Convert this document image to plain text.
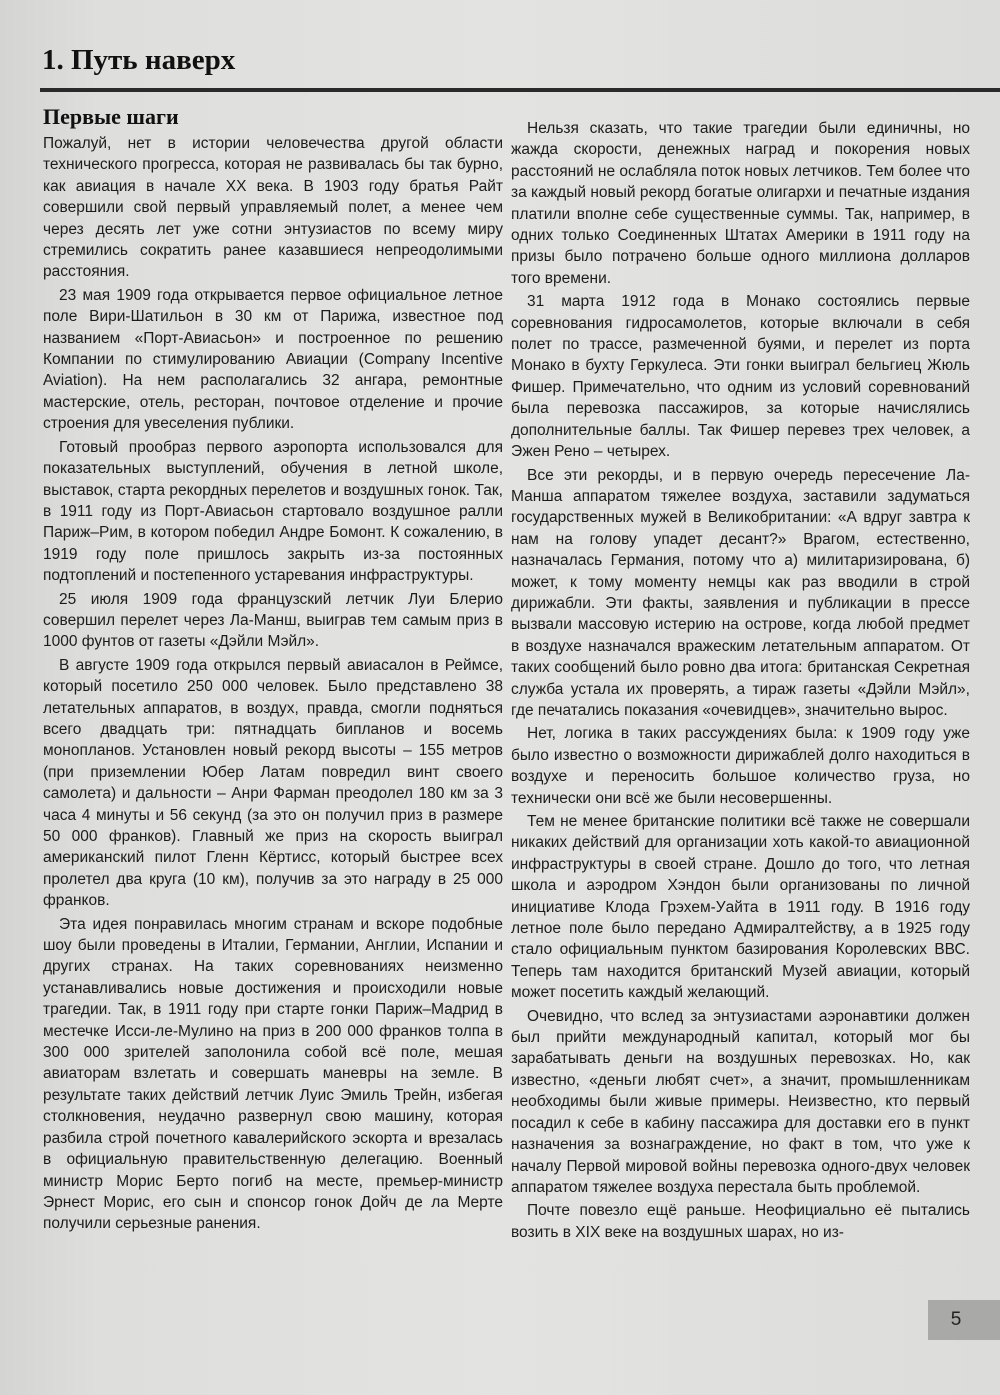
1. Путь наверх
Первые шаги

Пожалуй, нет в истории человечества другой области технического прогресса, которая не развивалась бы так бурно, как авиация в начале XX века. В 1903 году братья Райт совершили свой первый управляемый полет, а менее чем через десять лет уже сотни энтузиастов по всему миру стремились сократить ранее казавшиеся непреодолимыми расстояния.

23 мая 1909 года открывается первое официальное летное поле Вири-Шатильон в 30 км от Парижа, известное под названием «Порт-Авиасьон» и построенное по решению Компании по стимулированию Авиации (Company Incentive Aviation). На нем располагались 32 ангара, ремонтные мастерские, отель, ресторан, почтовое отделение и прочие строения для увеселения публики.

Готовый прообраз первого аэропорта использовался для показательных выступлений, обучения в летной школе, выставок, старта рекордных перелетов и воздушных гонок. Так, в 1911 году из Порт-Авиасьон стартовало воздушное ралли Париж–Рим, в котором победил Андре Бомонт. К сожалению, в 1919 году поле пришлось закрыть из-за постоянных подтоплений и постепенного устаревания инфраструктуры.

25 июля 1909 года французский летчик Луи Блерио совершил перелет через Ла-Манш, выиграв тем самым приз в 1000 фунтов от газеты «Дэйли Мэйл».

В августе 1909 года открылся первый авиасалон в Реймсе, который посетило 250 000 человек. Было представлено 38 летательных аппаратов, в воздух, правда, смогли подняться всего двадцать три: пятнадцать бипланов и восемь монопланов. Установлен новый рекорд высоты – 155 метров (при приземлении Юбер Латам повредил винт своего самолета) и дальности – Анри Фарман преодолел 180 км за 3 часа 4 минуты и 56 секунд (за это он получил приз в размере 50 000 франков). Главный же приз на скорость выиграл американский пилот Гленн Кёртисс, который быстрее всех пролетел два круга (10 км), получив за это награду в 25 000 франков.

Эта идея понравилась многим странам и вскоре подобные шоу были проведены в Италии, Германии, Англии, Испании и других странах. На таких соревнованиях неизменно устанавливались новые достижения и происходили новые трагедии. Так, в 1911 году при старте гонки Париж–Мадрид в местечке Исси-ле-Мулино на приз в 200 000 франков толпа в 300 000 зрителей заполонила собой всё поле, мешая авиаторам взлетать и совершать маневры на земле. В результате таких действий летчик Луис Эмиль Трейн, избегая столкновения, неудачно развернул свою машину, которая разбила строй почетного кавалерийского эскорта и врезалась в официальную правительственную делегацию. Военный министр Морис Берто погиб на месте, премьер-министр Эрнест Морис, его сын и спонсор гонок Дойч де ла Мерте получили серьезные ранения.

Нельзя сказать, что такие трагедии были единичны, но жажда скорости, денежных наград и покорения новых расстояний не ослабляла поток новых летчиков. Тем более что за каждый новый рекорд богатые олигархи и печатные издания платили вполне себе существенные суммы. Так, например, в одних только Соединенных Штатах Америки в 1911 году на призы было потрачено больше одного миллиона долларов того времени.

31 марта 1912 года в Монако состоялись первые соревнования гидросамолетов, которые включали в себя полет по трассе, размеченной буями, и перелет из порта Монако в бухту Геркулеса. Эти гонки выиграл бельгиец Жюль Фишер. Примечательно, что одним из условий соревнований была перевозка пассажиров, за которые начислялись дополнительные баллы. Так Фишер перевез трех человек, а Эжен Рено – четырех.

Все эти рекорды, и в первую очередь пересечение Ла-Манша аппаратом тяжелее воздуха, заставили задуматься государственных мужей в Великобритании: «А вдруг завтра к нам на голову упадет десант?» Врагом, естественно, назначалась Германия, потому что а) милитаризирована, б) может, к тому моменту немцы как раз вводили в строй дирижабли. Эти факты, заявления и публикации в прессе вызвали массовую истерию на острове, когда любой предмет в воздухе назначался вражеским летательным аппаратом. От таких сообщений было ровно два итога: британская Секретная служба устала их проверять, а тираж газеты «Дэйли Мэйл», где печатались показания «очевидцев», значительно вырос.

Нет, логика в таких рассуждениях была: к 1909 году уже было известно о возможности дирижаблей долго находиться в воздухе и переносить большое количество груза, но технически они всё же были несовершенны.

Тем не менее британские политики всё также не совершали никаких действий для организации хоть какой-то авиационной инфраструктуры в своей стране. Дошло до того, что летная школа и аэродром Хэндон были организованы по личной инициативе Клода Грэхем-Уайта в 1911 году. В 1916 году летное поле было передано Адмиралтейству, а в 1925 году стало официальным пунктом базирования Королевских ВВС. Теперь там находится британский Музей авиации, который может посетить каждый желающий.

Очевидно, что вслед за энтузиастами аэронавтики должен был прийти международный капитал, который мог бы зарабатывать деньги на воздушных перевозках. Но, как известно, «деньги любят счет», а значит, промышленникам необходимы были живые примеры. Неизвестно, кто первый посадил к себе в кабину пассажира для доставки его в пункт назначения за вознаграждение, но факт в том, что уже к началу Первой мировой войны перевозка одного-двух человек аппаратом тяжелее воздуха перестала быть проблемой.

Почте повезло ещё раньше. Неофициально её пытались возить в XIX веке на воздушных шарах, но из-

5
